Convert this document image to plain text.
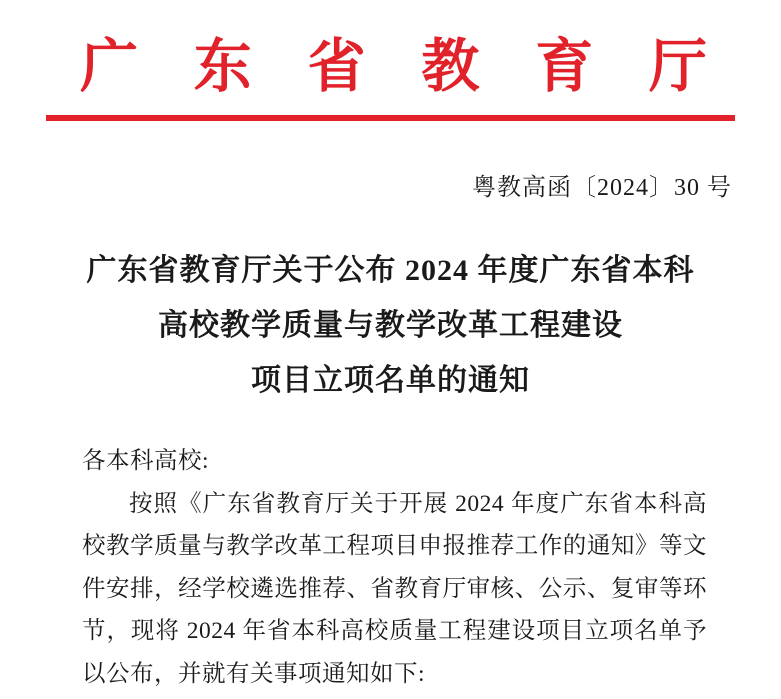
广 东 省 教 育 厅
粤教高函〔2024〕30 号
广东省教育厅关于公布 2024 年度广东省本科
高校教学质量与教学改革工程建设
项目立项名单的通知

各本科高校:

按照《广东省教育厅关于开展 2024 年度广东省本科高校教学质量与教学改革工程项目申报推荐工作的通知》等文件安排，经学校遴选推荐、省教育厅审核、公示、复审等环节，现将 2024 年省本科高校质量工程建设项目立项名单予以公布，并就有关事项通知如下:
